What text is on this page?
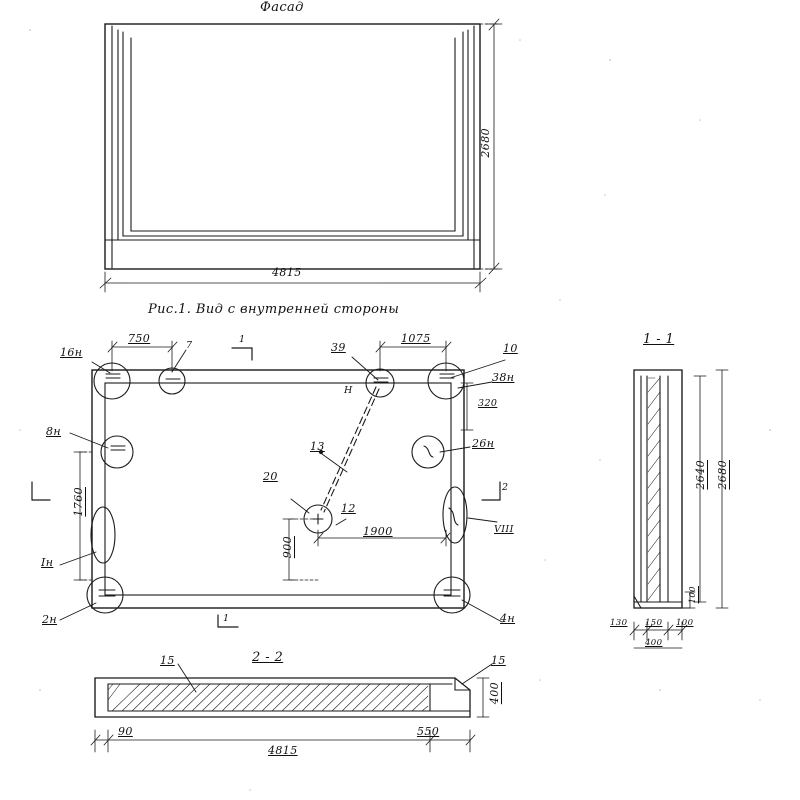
Фасад
4815
2680
Рис.1. Вид с внутренней стороны
750	1075
16н
8н
Iн
2н
39	10
38н
26н
4н
13
20
12
VIII
320
1900
900
1760
7
1
1
2
Н
2 - 2
15	15
90
4815
550
400
1 - 1
2640 2680
100
130 150 100
400
